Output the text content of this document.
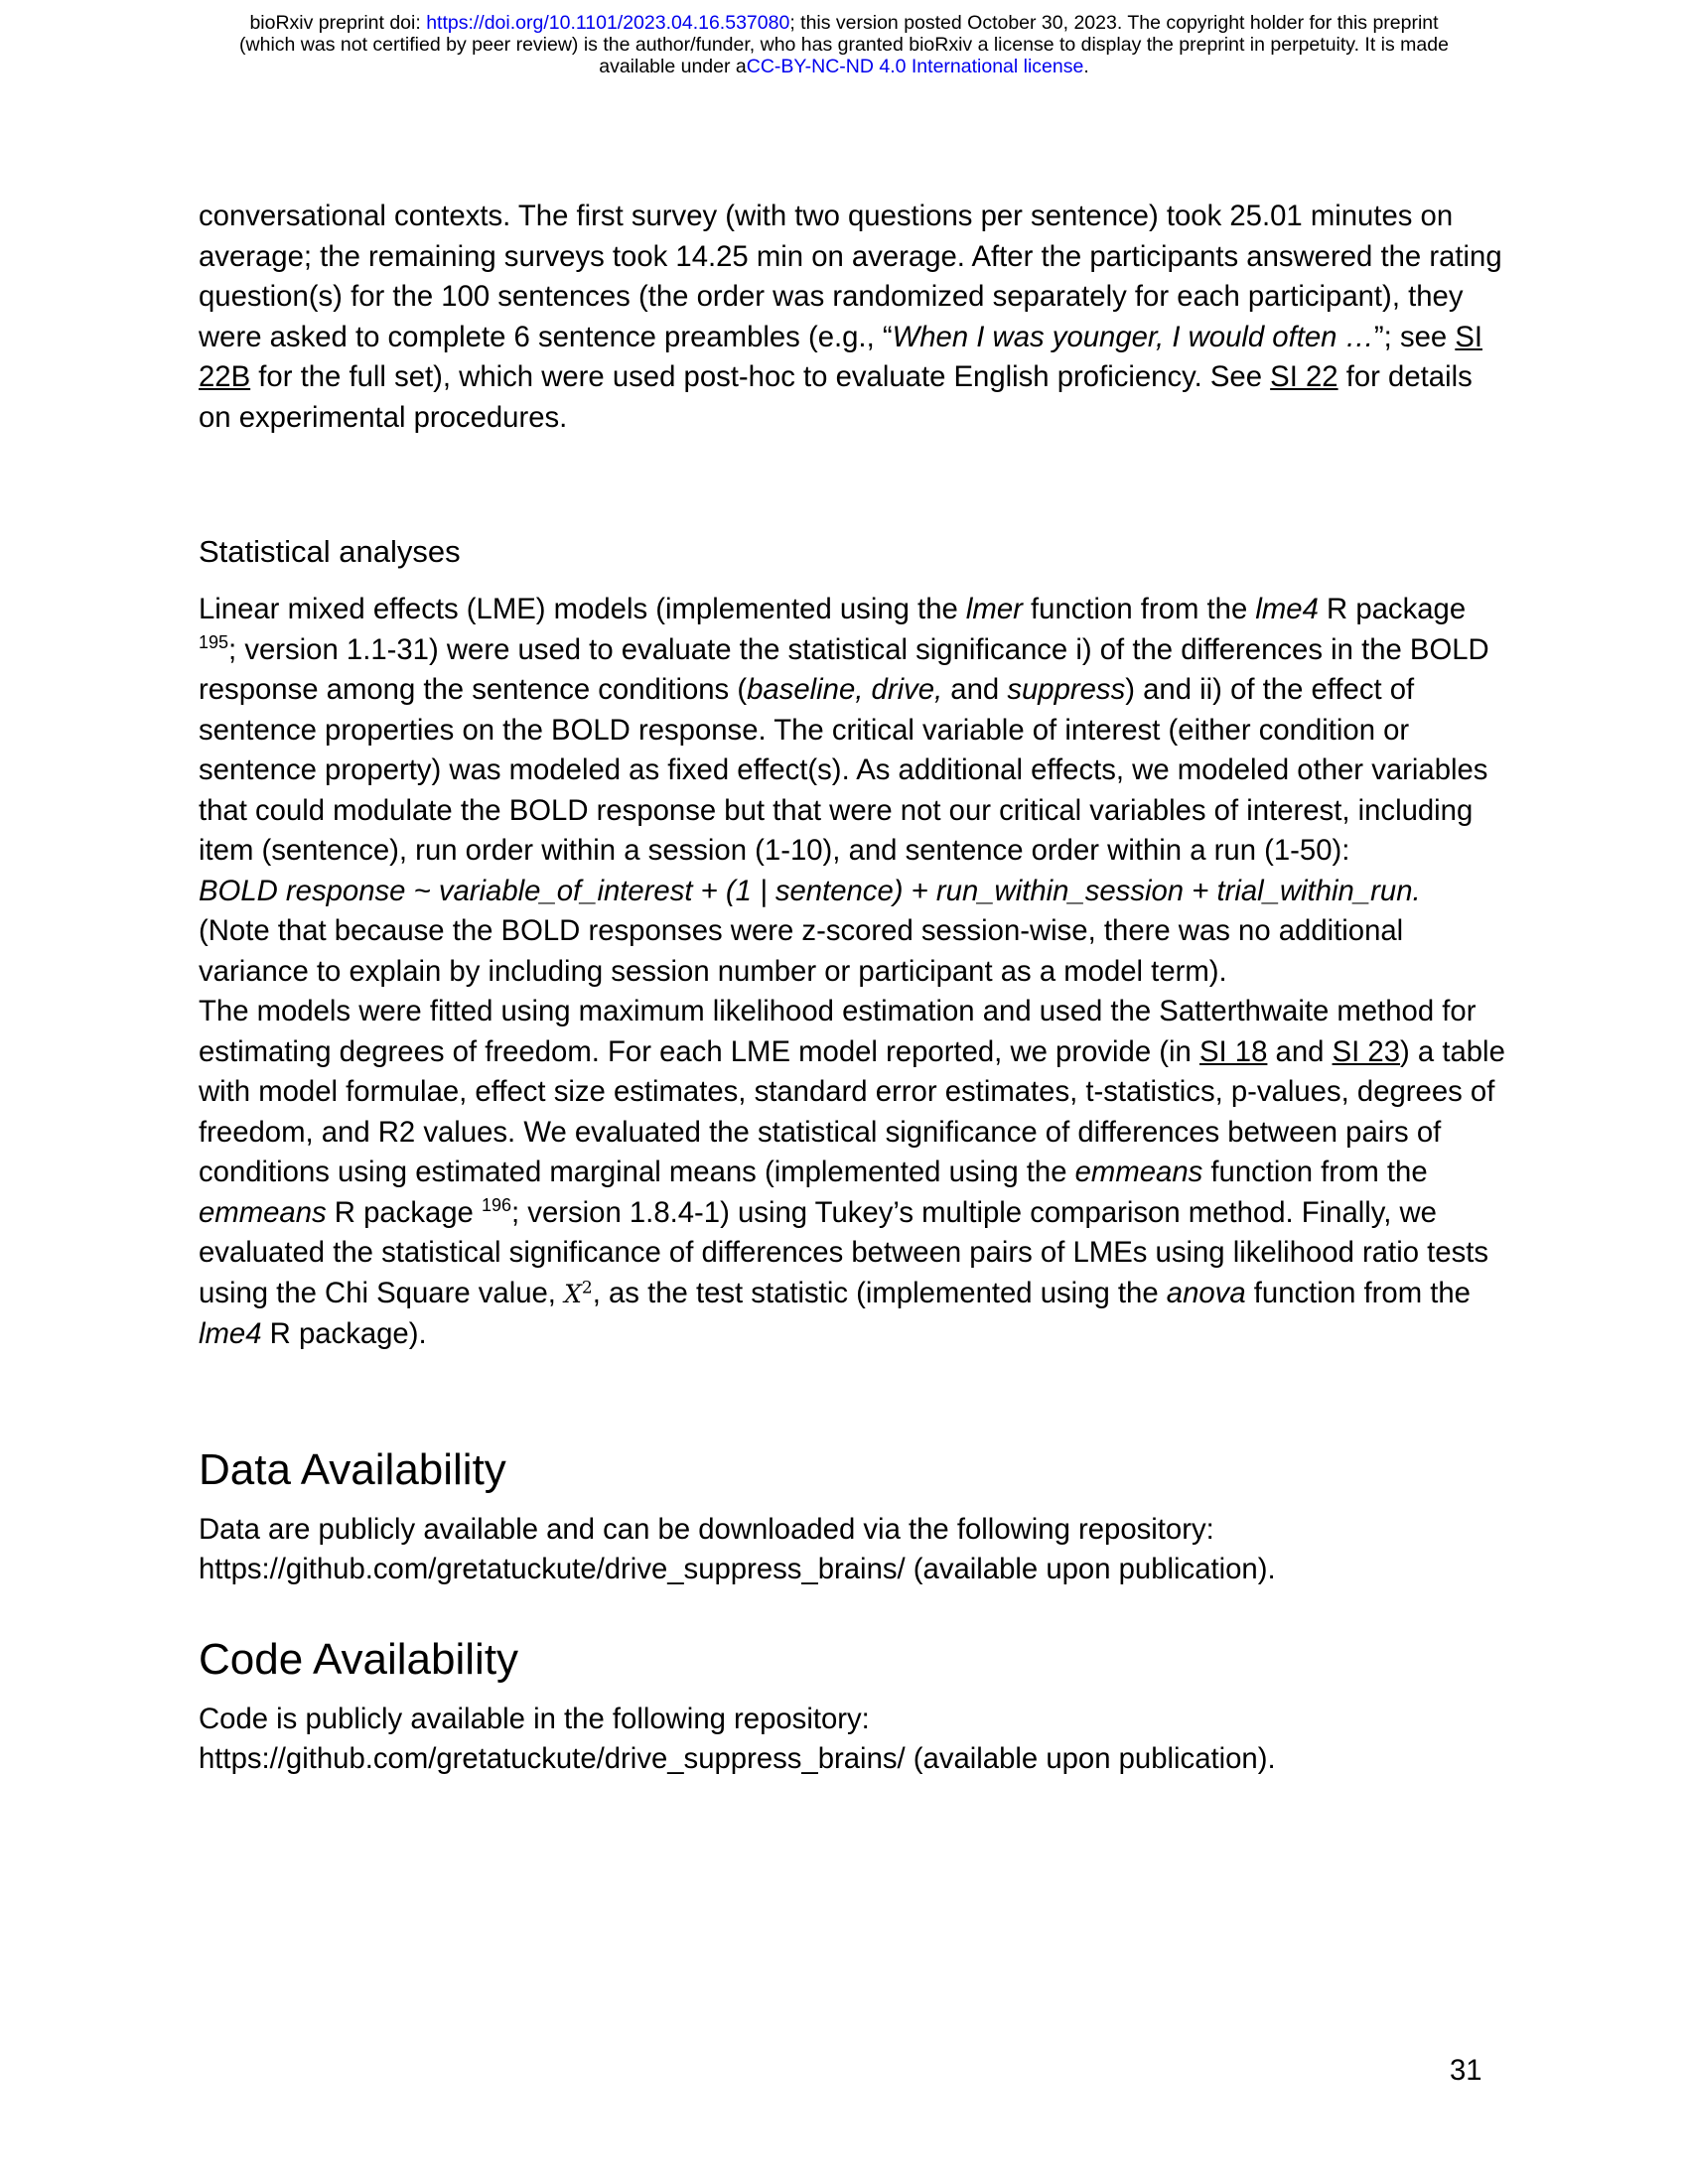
bioRxiv preprint doi: https://doi.org/10.1101/2023.04.16.537080; this version posted October 30, 2023. The copyright holder for this preprint
(which was not certified by peer review) is the author/funder, who has granted bioRxiv a license to display the preprint in perpetuity. It is made
available under aCC-BY-NC-ND 4.0 International license.

conversational contexts. The first survey (with two questions per sentence) took 25.01 minutes on average; the remaining surveys took 14.25 min on average. After the participants answered the rating question(s) for the 100 sentences (the order was randomized separately for each participant), they were asked to complete 6 sentence preambles (e.g., “When I was younger, I would often …”; see SI 22B for the full set), which were used post-hoc to evaluate English proficiency. See SI 22 for details on experimental procedures.

Statistical analyses

Linear mixed effects (LME) models (implemented using the lmer function from the lme4 R package $^{195}$; version 1.1-31) were used to evaluate the statistical significance i) of the differences in the BOLD response among the sentence conditions (baseline, drive, and suppress) and ii) of the effect of sentence properties on the BOLD response. The critical variable of interest (either condition or sentence property) was modeled as fixed effect(s). As additional effects, we modeled other variables that could modulate the BOLD response but that were not our critical variables of interest, including item (sentence), run order within a session (1-10), and sentence order within a run (1-50):

BOLD response ~ variable_of_interest + (1 | sentence) + run_within_session + trial_within_run.

(Note that because the BOLD responses were z-scored session-wise, there was no additional variance to explain by including session number or participant as a model term).

The models were fitted using maximum likelihood estimation and used the Satterthwaite method for estimating degrees of freedom. For each LME model reported, we provide (in SI 18 and SI 23) a table with model formulae, effect size estimates, standard error estimates, t-statistics, p-values, degrees of freedom, and R2 values. We evaluated the statistical significance of differences between pairs of conditions using estimated marginal means (implemented using the emmeans function from the emmeans R package $^{196}$; version 1.8.4-1) using Tukey’s multiple comparison method. Finally, we evaluated the statistical significance of differences between pairs of LMEs using likelihood ratio tests using the Chi Square value, $X^2$, as the test statistic (implemented using the anova function from the lme4 R package).

Data Availability

Data are publicly available and can be downloaded via the following repository:

https://github.com/gretatuckute/drive_suppress_brains/ (available upon publication).

Code Availability

Code is publicly available in the following repository:

https://github.com/gretatuckute/drive_suppress_brains/ (available upon publication).

31
